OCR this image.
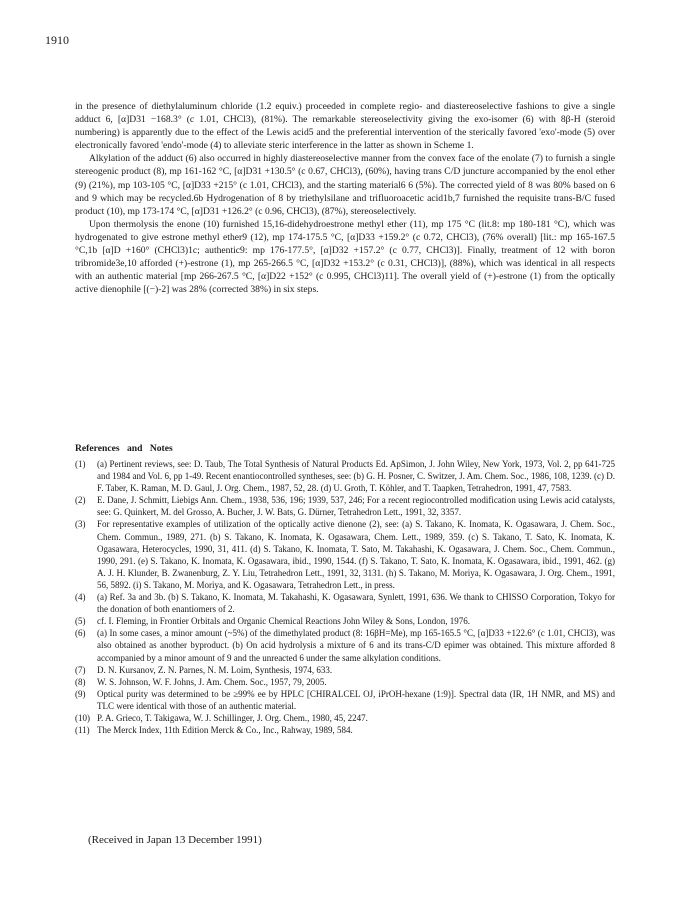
1910

in the presence of diethylaluminum chloride (1.2 equiv.) proceeded in complete regio- and diastereoselective fashions to give a single adduct 6, [α]D31 −168.3° (c 1.01, CHCl3), (81%). The remarkable stereoselectivity giving the exo-isomer (6) with 8β-H (steroid numbering) is apparently due to the effect of the Lewis acid5 and the preferential intervention of the sterically favored 'exo'-mode (5) over electronically favored 'endo'-mode (4) to alleviate steric interference in the latter as shown in Scheme 1.

Alkylation of the adduct (6) also occurred in highly diastereoselective manner from the convex face of the enolate (7) to furnish a single stereogenic product (8), mp 161-162 °C, [α]D31 +130.5° (c 0.67, CHCl3), (60%), having trans C/D juncture accompanied by the enol ether (9) (21%), mp 103-105 °C, [α]D33 +215° (c 1.01, CHCl3), and the starting material6 6 (5%). The corrected yield of 8 was 80% based on 6 and 9 which may be recycled.6b Hydrogenation of 8 by triethylsilane and trifluoroacetic acid1b,7 furnished the requisite trans-B/C fused product (10), mp 173-174 °C, [α]D31 +126.2° (c 0.96, CHCl3), (87%), stereoselectively.

Upon thermolysis the enone (10) furnished 15,16-didehydroestrone methyl ether (11), mp 175 °C (lit.8: mp 180-181 °C), which was hydrogenated to give estrone methyl ether9 (12), mp 174-175.5 °C, [α]D33 +159.2° (c 0.72, CHCl3), (76% overall) [lit.: mp 165-167.5 °C,1b [α]D +160° (CHCl3)1c; authentic9: mp 176-177.5°, [α]D32 +157.2° (c 0.77, CHCl3)]. Finally, treatment of 12 with boron tribromide3e,10 afforded (+)-estrone (1), mp 265-266.5 °C, [α]D32 +153.2° (c 0.31, CHCl3)], (88%), which was identical in all respects with an authentic material [mp 266-267.5 °C, [α]D22 +152° (c 0.995, CHCl3)11]. The overall yield of (+)-estrone (1) from the optically active dienophile [(−)-2] was 28% (corrected 38%) in six steps.

References and Notes
(1)	(a) Pertinent reviews, see: D. Taub, The Total Synthesis of Natural Products Ed. ApSimon, J. John Wiley, New York, 1973, Vol. 2, pp 641-725 and 1984 and Vol. 6, pp 1-49. Recent enantiocontrolled syntheses, see: (b) G. H. Posner, C. Switzer, J. Am. Chem. Soc., 1986, 108, 1239. (c) D. F. Taber, K. Raman, M. D. Gaul, J. Org. Chem., 1987, 52, 28. (d) U. Groth, T. Köhler, and T. Taapken, Tetrahedron, 1991, 47, 7583.
(2)	E. Dane, J. Schmitt, Liebigs Ann. Chem., 1938, 536, 196; 1939, 537, 246; For a recent regiocontrolled modification using Lewis acid catalysts, see: G. Quinkert, M. del Grosso, A. Bucher, J. W. Bats, G. Dürner, Tetrahedron Lett., 1991, 32, 3357.
(3)	For representative examples of utilization of the optically active dienone (2), see: (a) S. Takano, K. Inomata, K. Ogasawara, J. Chem. Soc., Chem. Commun., 1989, 271. (b) S. Takano, K. Inomata, K. Ogasawara, Chem. Lett., 1989, 359. (c) S. Takano, T. Sato, K. Inomata, K. Ogasawara, Heterocycles, 1990, 31, 411. (d) S. Takano, K. Inomata, T. Sato, M. Takahashi, K. Ogasawara, J. Chem. Soc., Chem. Commun., 1990, 291. (e) S. Takano, K. Inomata, K. Ogasawara, ibid., 1990, 1544. (f) S. Takano, T. Sato, K. Inomata, K. Ogasawara, ibid., 1991, 462. (g) A. J. H. Klunder, B. Zwanenburg, Z. Y. Liu, Tetrahedron Lett., 1991, 32, 3131. (h) S. Takano, M. Moriya, K. Ogasawara, J. Org. Chem., 1991, 56, 5892. (i) S. Takano, M. Moriya, and K. Ogasawara, Tetrahedron Lett., in press.
(4)	(a) Ref. 3a and 3b. (b) S. Takano, K. Inomata, M. Takahashi, K. Ogasawara, Synlett, 1991, 636. We thank to CHISSO Corporation, Tokyo for the donation of both enantiomers of 2.
(5)	cf. I. Fleming, in Frontier Orbitals and Organic Chemical Reactions John Wiley & Sons, London, 1976.
(6)	(a) In some cases, a minor amount (~5%) of the dimethylated product (8: 16βH=Me), mp 165-165.5 °C, [α]D33 +122.6° (c 1.01, CHCl3), was also obtained as another byproduct. (b) On acid hydrolysis a mixture of 6 and its trans-C/D epimer was obtained. This mixture afforded 8 accompanied by a minor amount of 9 and the unreacted 6 under the same alkylation conditions.
(7)	D. N. Kursanov, Z. N. Parnes, N. M. Loim, Synthesis, 1974, 633.
(8)	W. S. Johnson, W. F. Johns, J. Am. Chem. Soc., 1957, 79, 2005.
(9)	Optical purity was determined to be ≥99% ee by HPLC [CHIRALCEL OJ, iPrOH-hexane (1:9)]. Spectral data (IR, 1H NMR, and MS) and TLC were identical with those of an authentic material.
(10) P. A. Grieco, T. Takigawa, W. J. Schillinger, J. Org. Chem., 1980, 45, 2247.
(11) The Merck Index, 11th Edition Merck & Co., Inc., Rahway, 1989, 584.
(Received in Japan 13 December 1991)
